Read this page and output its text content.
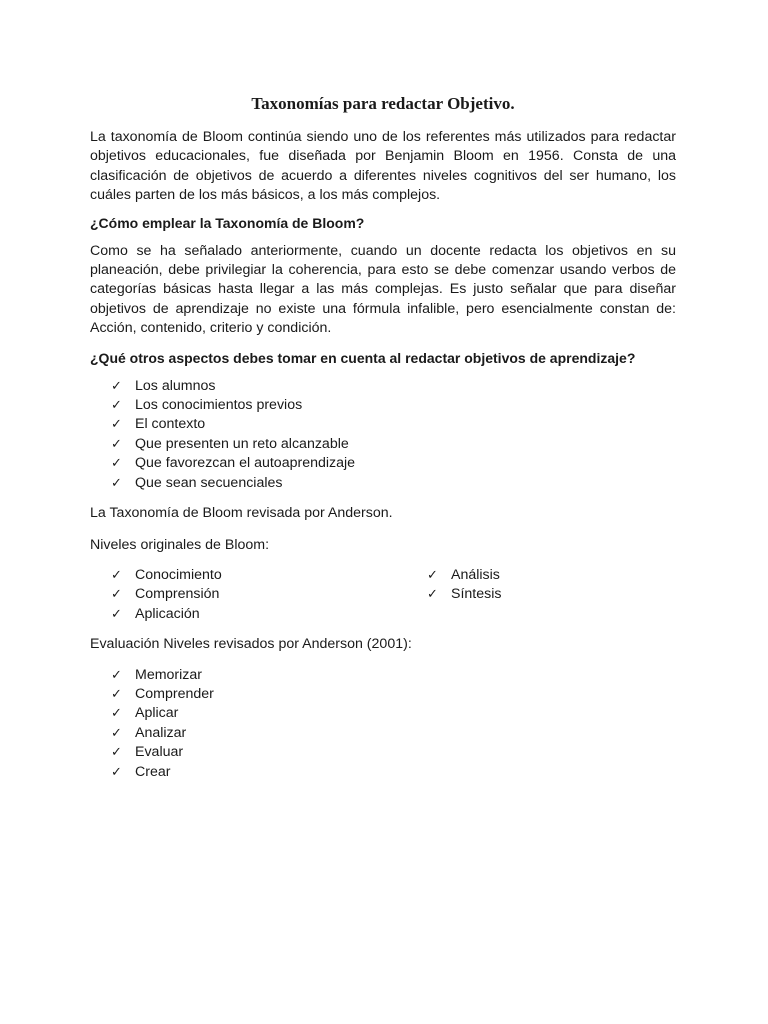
Taxonomías para redactar Objetivo.

La taxonomía de Bloom continúa siendo uno de los referentes más utilizados para redactar objetivos educacionales, fue diseñada por Benjamin Bloom en 1956. Consta de una clasificación de objetivos de acuerdo a diferentes niveles cognitivos del ser humano, los cuáles parten de los más básicos, a los más complejos.

¿Cómo emplear la Taxonomía de Bloom?

Como se ha señalado anteriormente, cuando un docente redacta los objetivos en su planeación, debe privilegiar la coherencia, para esto se debe comenzar usando verbos de categorías básicas hasta llegar a las más complejas. Es justo señalar que para diseñar objetivos de aprendizaje no existe una fórmula infalible, pero esencialmente constan de: Acción, contenido, criterio y condición.

¿Qué otros aspectos debes tomar en cuenta al redactar objetivos de aprendizaje?
✓ Los alumnos
✓ Los conocimientos previos
✓ El contexto
✓ Que presenten un reto alcanzable
✓ Que favorezcan el autoaprendizaje
✓ Que sean secuenciales

La Taxonomía de Bloom revisada por Anderson.

Niveles originales de Bloom:

✓ Conocimiento
✓ Comprensión
✓ Aplicación
✓ Análisis
✓ Síntesis

Evaluación Niveles revisados por Anderson (2001):

✓ Memorizar
✓ Comprender
✓ Aplicar
✓ Analizar
✓ Evaluar
✓ Crear
